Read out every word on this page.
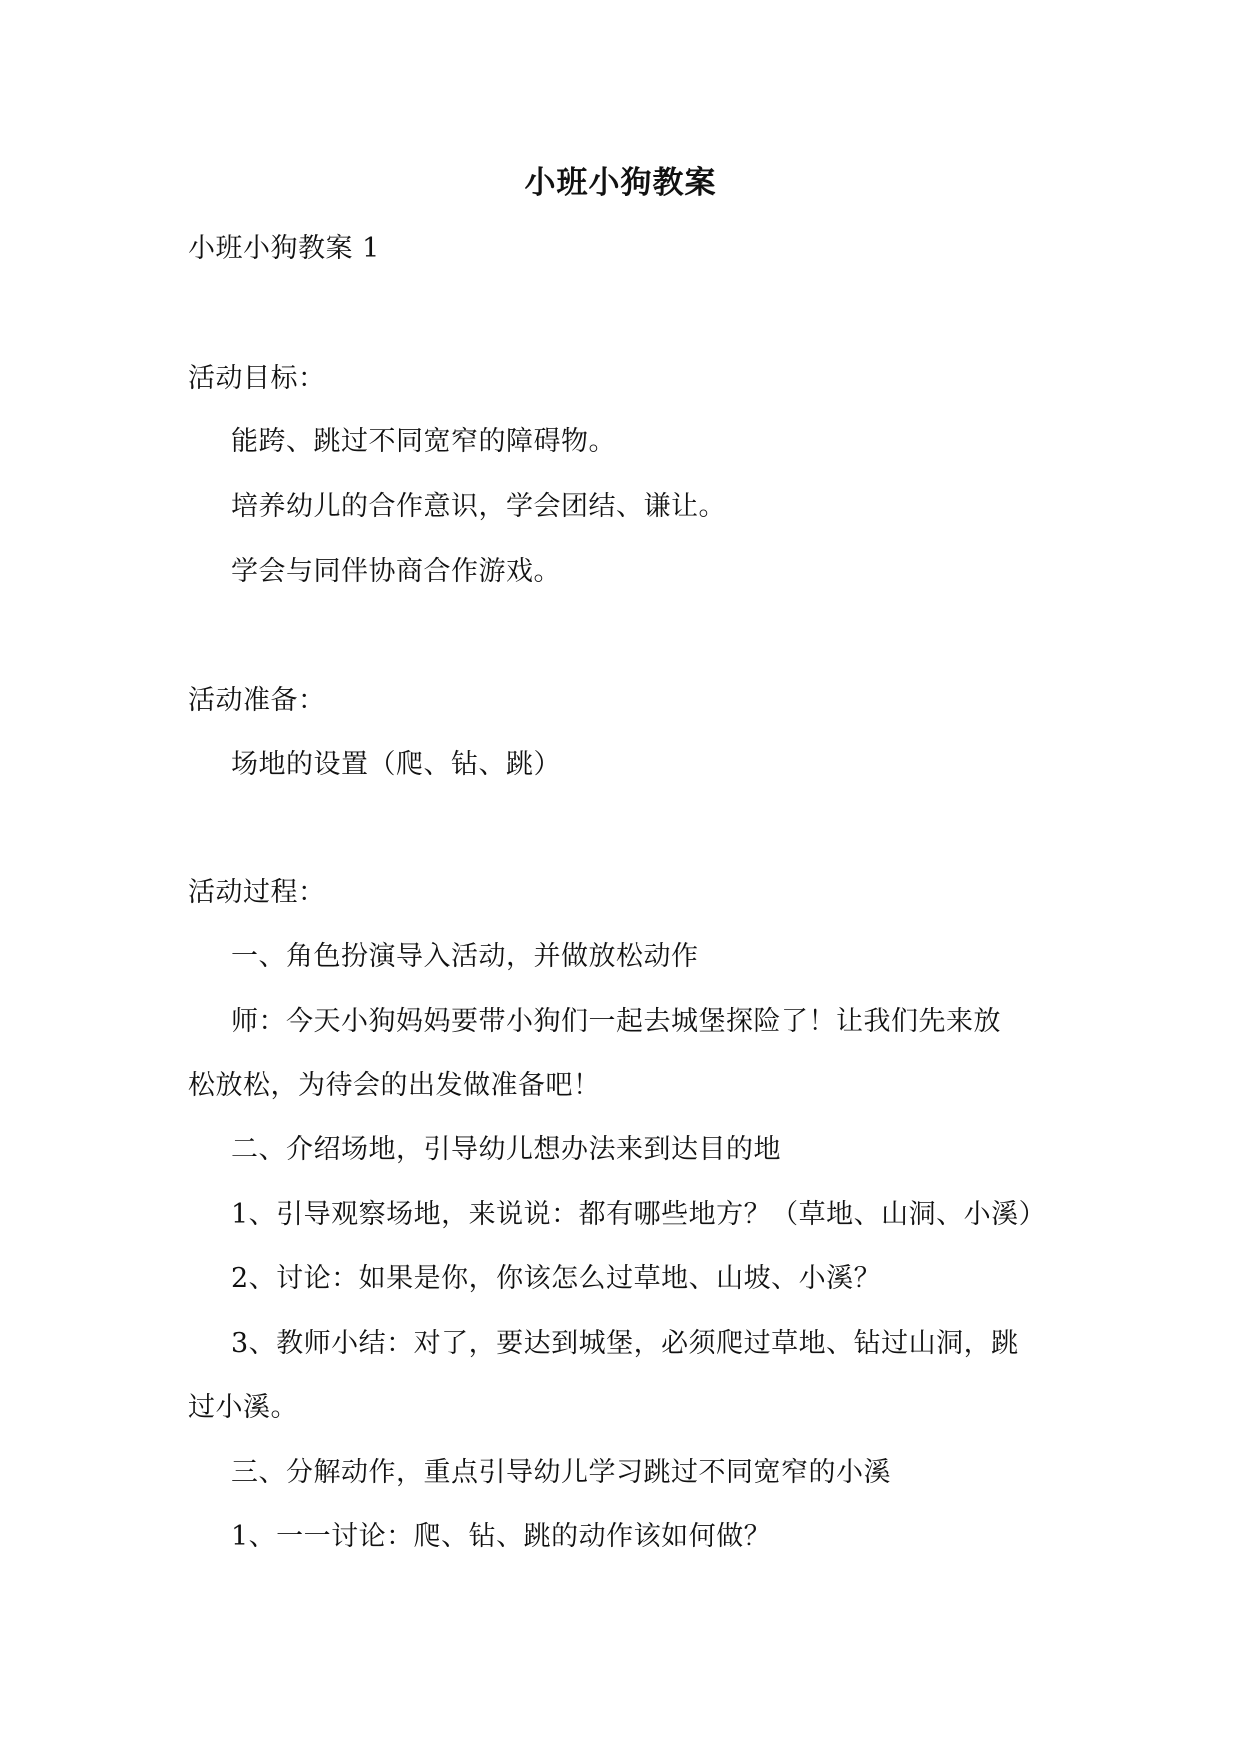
小班小狗教案
小班小狗教案 1
活动目标：
能跨、跳过不同宽窄的障碍物。
培养幼儿的合作意识，学会团结、谦让。
学会与同伴协商合作游戏。
活动准备：
场地的设置（爬、钻、跳）
活动过程：
一、角色扮演导入活动，并做放松动作
师：今天小狗妈妈要带小狗们一起去城堡探险了！让我们先来放
松放松，为待会的出发做准备吧！
二、介绍场地，引导幼儿想办法来到达目的地
1、引导观察场地，来说说：都有哪些地方？（草地、山洞、小溪）
2、讨论：如果是你，你该怎么过草地、山坡、小溪？
3、教师小结：对了，要达到城堡，必须爬过草地、钻过山洞，跳
过小溪。
三、分解动作，重点引导幼儿学习跳过不同宽窄的小溪
1、一一讨论：爬、钻、跳的动作该如何做？
